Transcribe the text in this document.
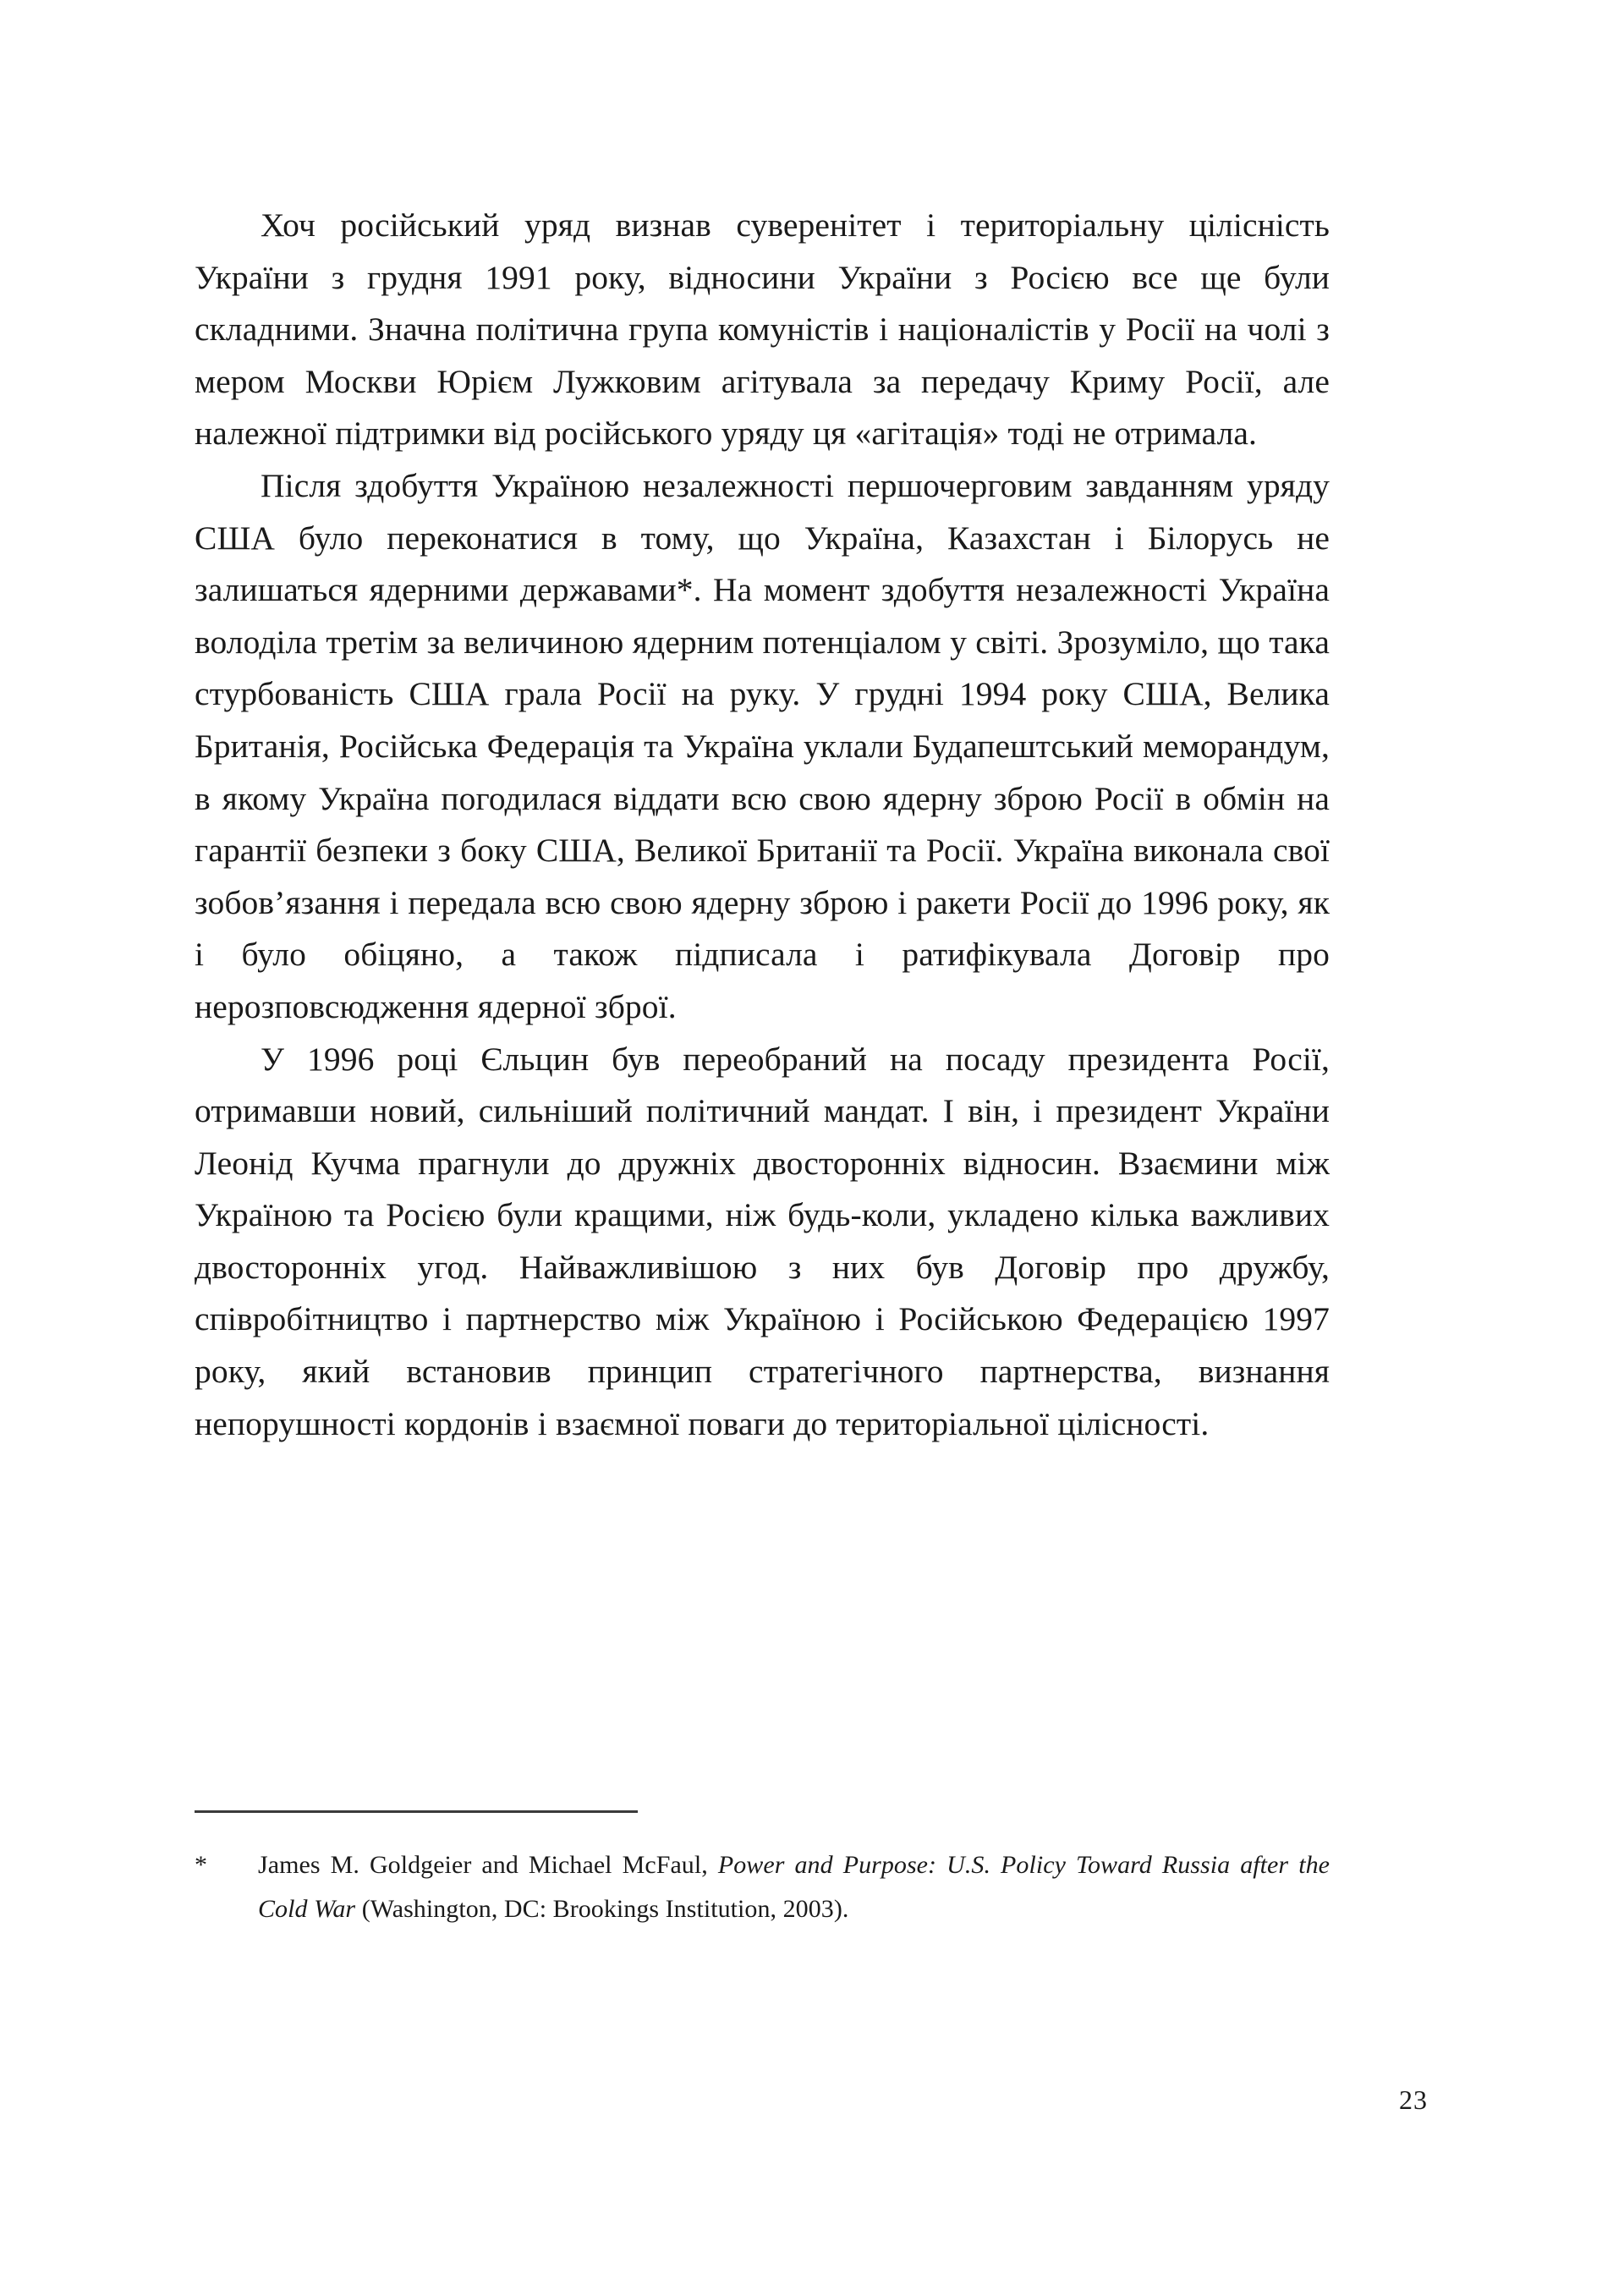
Хоч російський уряд визнав суверенітет і територіальну цілісність України з грудня 1991 року, відносини України з Росією все ще були складними. Значна політична група комуністів і націоналістів у Росії на чолі з мером Москви Юрієм Лужковим агітувала за передачу Криму Росії, але належної підтримки від російського уряду ця «агітація» тоді не отримала.

Після здобуття Україною незалежності першочерговим завданням уряду США було переконатися в тому, що Україна, Казахстан і Білорусь не залишаться ядерними державами*. На момент здобуття незалежності Україна володіла третім за величиною ядерним потенціалом у світі. Зрозуміло, що така стурбованість США грала Росії на руку. У грудні 1994 року США, Велика Британія, Російська Федерація та Україна уклали Будапештський меморандум, в якому Україна погодилася віддати всю свою ядерну зброю Росії в обмін на гарантії безпеки з боку США, Великої Британії та Росії. Україна виконала свої зобов’язання і передала всю свою ядерну зброю і ракети Росії до 1996 року, як і було обіцяно, а також підписала і ратифікувала Договір про нерозповсюдження ядерної зброї.

У 1996 році Єльцин був переобраний на посаду президента Росії, отримавши новий, сильніший політичний мандат. І він, і президент України Леонід Кучма прагнули до дружніх двосторонніх відносин. Взаємини між Україною та Росією були кращими, ніж будь-коли, укладено кілька важливих двосторонніх угод. Найважливішою з них був Договір про дружбу, співробітництво і партнерство між Україною і Російською Федерацією 1997 року, який встановив принцип стратегічного партнерства, визнання непорушності кордонів і взаємної поваги до територіальної цілісності.

*	James M. Goldgeier and Michael McFaul, Power and Purpose: U.S. Policy Toward Russia after the Cold War (Washington, DC: Brookings Institution, 2003).
23
